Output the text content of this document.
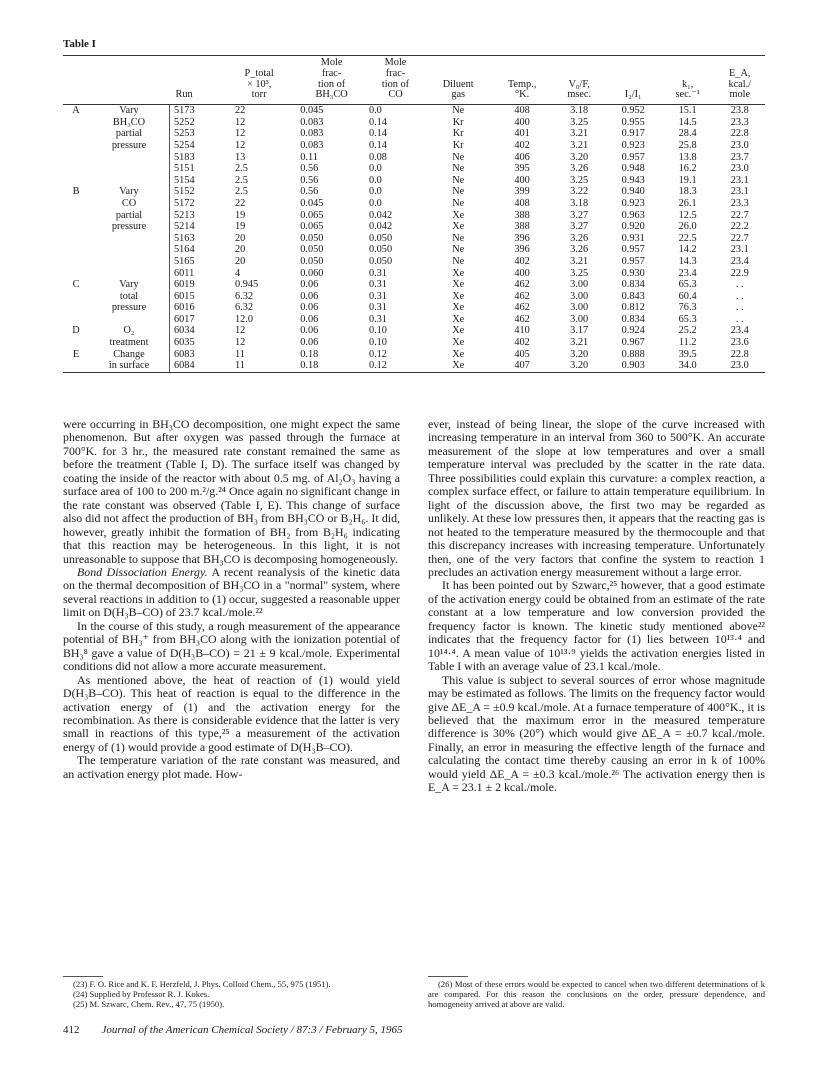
Table I
		Run	P_total
× 10³,
torr	Mole
frac-
tion of
BH₃CO	Mole
frac-
tion of
CO	Diluent
gas	Temp.,
°K.	V₀/F,
msec.	I₂/I₁	k₁,
sec.⁻¹	E_A,
kcal./
mole
A	Vary	5173	22	0.045	0.0	Ne	408	3.18	0.952	15.1	23.8
	BH₃CO	5252	12	0.083	0.14	Kr	400	3.25	0.955	14.5	23.3
	partial	5253	12	0.083	0.14	Kr	401	3.21	0.917	28.4	22.8
	pressure	5254	12	0.083	0.14	Kr	402	3.21	0.923	25.8	23.0
		5183	13	0.11	0.08	Ne	406	3.20	0.957	13.8	23.7
		5151	2.5	0.56	0.0	Ne	395	3.26	0.948	16.2	23.0
		5154	2.5	0.56	0.0	Ne	400	3.25	0.943	19.1	23.1
B	Vary	5152	2.5	0.56	0.0	Ne	399	3.22	0.940	18.3	23.1
	CO	5172	22	0.045	0.0	Ne	408	3.18	0.923	26.1	23.3
	partial	5213	19	0.065	0.042	Xe	388	3.27	0.963	12.5	22.7
	pressure	5214	19	0.065	0.042	Xe	388	3.27	0.920	26.0	22.2
		5163	20	0.050	0.050	Ne	396	3.26	0.931	22.5	22.7
		5164	20	0.050	0.050	Ne	396	3.26	0.957	14.2	23.1
		5165	20	0.050	0.050	Ne	402	3.21	0.957	14.3	23.4
		6011	4	0.060	0.31	Xe	400	3.25	0.930	23.4	22.9
C	Vary	6019	0.945	0.06	0.31	Xe	462	3.00	0.834	65.3	. .
	total	6015	6.32	0.06	0.31	Xe	462	3.00	0.843	60.4	. .
	pressure	6016	6.32	0.06	0.31	Xe	462	3.00	0.812	76.3	. .
		6017	12.0	0.06	0.31	Xe	462	3.00	0.834	65.3	. .
D	O₂	6034	12	0.06	0.10	Xe	410	3.17	0.924	25.2	23.4
	treatment	6035	12	0.06	0.10	Xe	402	3.21	0.967	11.2	23.6
E	Change	6083	11	0.18	0.12	Xe	405	3.20	0.888	39.5	22.8
	in surface	6084	11	0.18	0.12	Xe	407	3.20	0.903	34.0	23.0

were occurring in BH₃CO decomposition, one might expect the same phenomenon. But after oxygen was passed through the furnace at 700°K. for 3 hr., the measured rate constant remained the same as before the treatment (Table I, D). The surface itself was changed by coating the inside of the reactor with about 0.5 mg. of Al₂O₃ having a surface area of 100 to 200 m.²/g.²⁴ Once again no significant change in the rate constant was observed (Table I, E). This change of surface also did not affect the production of BH₃ from BH₃CO or B₂H₆. It did, however, greatly inhibit the formation of BH₂ from B₂H₆ indicating that this reaction may be heterogeneous. In this light, it is not unreasonable to suppose that BH₃CO is decomposing homogeneously.

Bond Dissociation Energy. A recent reanalysis of the kinetic data on the thermal decomposition of BH₃CO in a "normal" system, where several reactions in addition to (1) occur, suggested a reasonable upper limit on D(H₃B–CO) of 23.7 kcal./mole.²²

In the course of this study, a rough measurement of the appearance potential of BH₃⁺ from BH₃CO along with the ionization potential of BH₃⁸ gave a value of D(H₃B–CO) = 21 ± 9 kcal./mole. Experimental conditions did not allow a more accurate measurement.

As mentioned above, the heat of reaction of (1) would yield D(H₃B–CO). This heat of reaction is equal to the difference in the activation energy of (1) and the activation energy for the recombination. As there is considerable evidence that the latter is very small in reactions of this type,²⁵ a measurement of the activation energy of (1) would provide a good estimate of D(H₃B–CO).

The temperature variation of the rate constant was measured, and an activation energy plot made. How-

ever, instead of being linear, the slope of the curve increased with increasing temperature in an interval from 360 to 500°K. An accurate measurement of the slope at low temperatures and over a small temperature interval was precluded by the scatter in the rate data. Three possibilities could explain this curvature: a complex reaction, a complex surface effect, or failure to attain temperature equilibrium. In light of the discussion above, the first two may be regarded as unlikely. At these low pressures then, it appears that the reacting gas is not heated to the temperature measured by the thermocouple and that this discrepancy increases with increasing temperature. Unfortunately then, one of the very factors that confine the system to reaction 1 precludes an activation energy measurement without a large error.

It has been pointed out by Szwarc,²⁵ however, that a good estimate of the activation energy could be obtained from an estimate of the rate constant at a low temperature and low conversion provided the frequency factor is known. The kinetic study mentioned above²² indicates that the frequency factor for (1) lies between 10¹³·⁴ and 10¹⁴·⁴. A mean value of 10¹³·⁹ yields the activation energies listed in Table I with an average value of 23.1 kcal./mole.

This value is subject to several sources of error whose magnitude may be estimated as follows. The limits on the frequency factor would give ΔE_A = ±0.9 kcal./mole. At a furnace temperature of 400°K., it is believed that the maximum error in the measured temperature difference is 30% (20°) which would give ΔE_A = ±0.7 kcal./mole. Finally, an error in measuring the effective length of the furnace and calculating the contact time thereby causing an error in k of 100% would yield ΔE_A = ±0.3 kcal./mole.²⁶ The activation energy then is E_A = 23.1 ± 2 kcal./mole.

(23) F. O. Rice and K. F. Herzfeld, J. Phys. Colloid Chem., 55, 975 (1951).

(24) Supplied by Professor R. J. Kokes.

(25) M. Szwarc, Chem. Rev., 47, 75 (1950).

(26) Most of these errors would be expected to cancel when two different determinations of k are compared. For this reason the conclusions on the order, pressure dependence, and homogeneity arrived at above are valid.

412 Journal of the American Chemical Society / 87:3 / February 5, 1965
